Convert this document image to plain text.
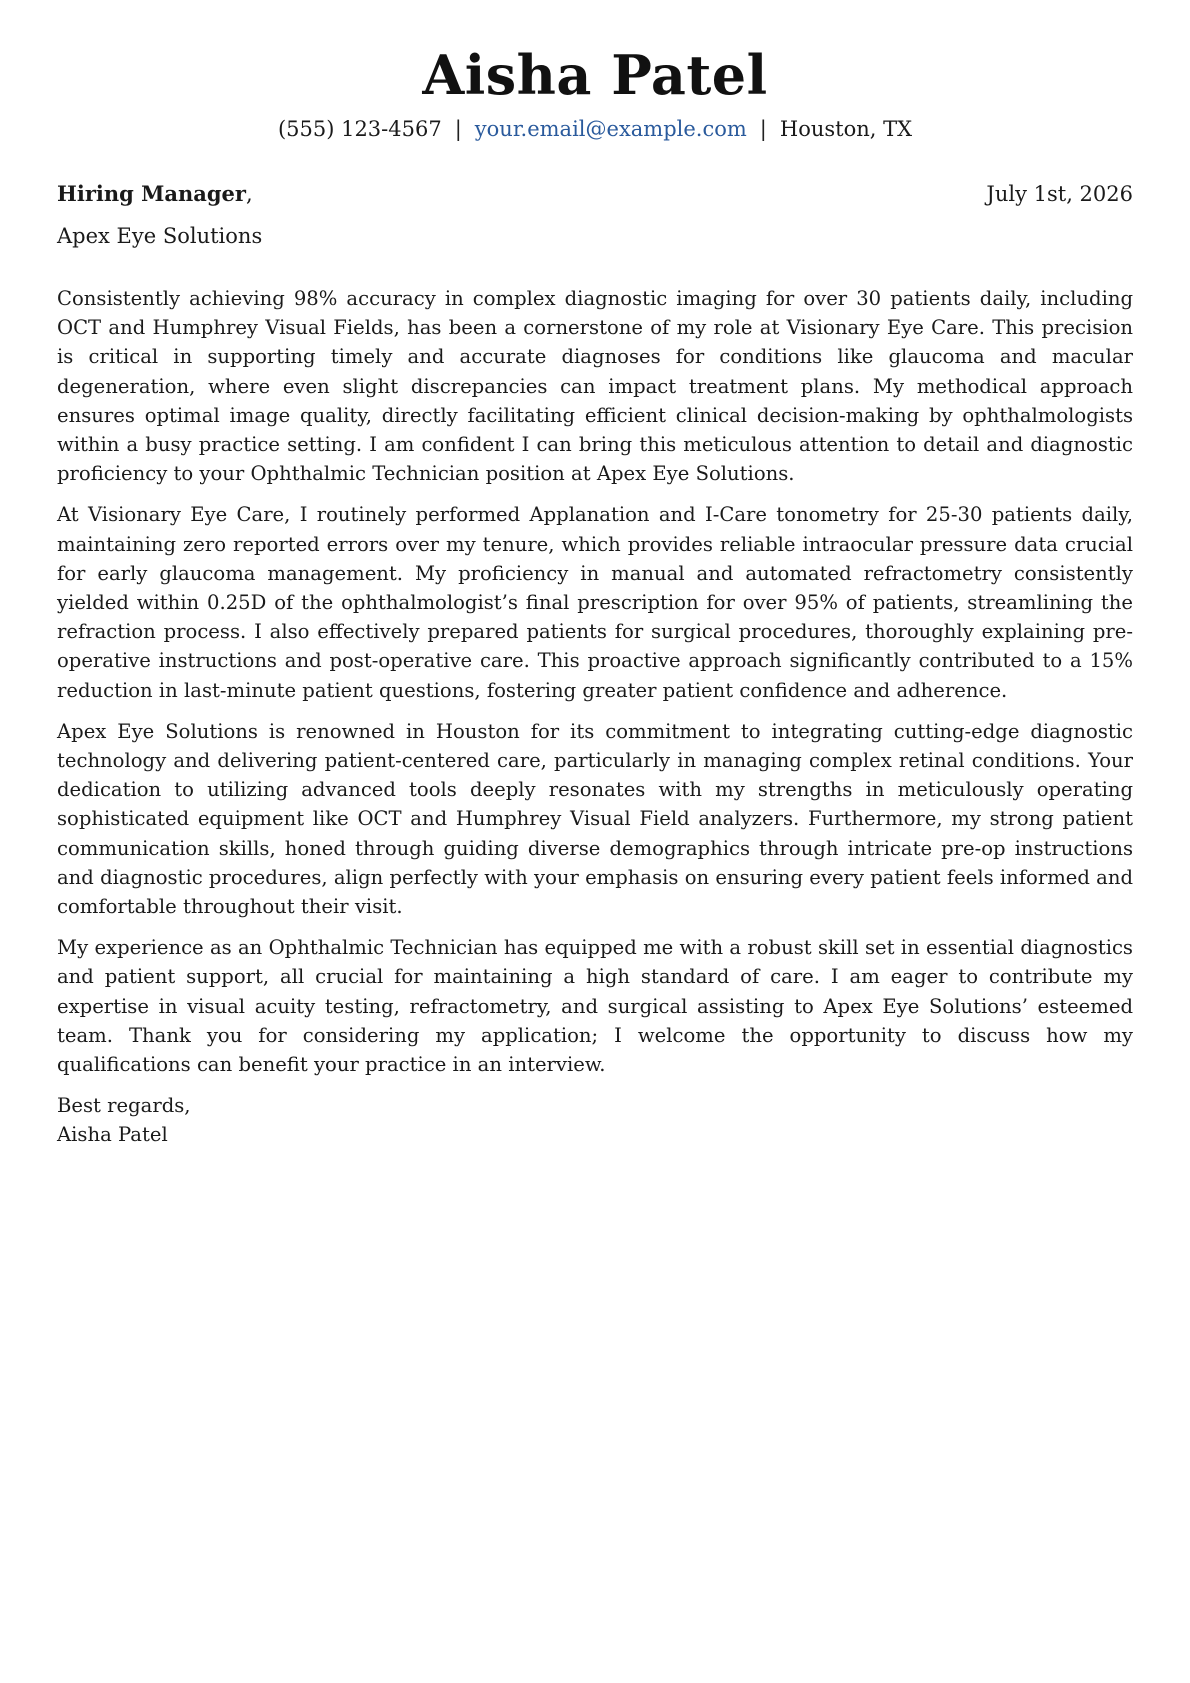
Aisha Patel
(555) 123-4567 | your.email@example.com | Houston, TX
Hiring Manager,	July 1st, 2026
Apex Eye Solutions

Consistently achieving 98% accuracy in complex diagnostic imaging for over 30 patients daily, including OCT and Humphrey Visual Fields, has been a cornerstone of my role at Visionary Eye Care. This precision is critical in supporting timely and accurate diagnoses for conditions like glaucoma and macular degeneration, where even slight discrepancies can impact treatment plans. My methodical approach ensures optimal image quality, directly facilitating efficient clinical decision-making by ophthalmologists within a busy practice setting. I am confident I can bring this meticulous attention to detail and diagnostic proficiency to your Ophthalmic Technician position at Apex Eye Solutions.

At Visionary Eye Care, I routinely performed Applanation and I-Care tonometry for 25-30 patients daily, maintaining zero reported errors over my tenure, which provides reliable intraocular pressure data crucial for early glaucoma management. My proficiency in manual and automated refractometry consistently yielded within 0.25D of the ophthalmologist’s final prescription for over 95% of patients, streamlining the refraction process. I also effectively prepared patients for surgical procedures, thoroughly explaining pre-operative instructions and post-operative care. This proactive approach significantly contributed to a 15% reduction in last-minute patient questions, fostering greater patient confidence and adherence.

Apex Eye Solutions is renowned in Houston for its commitment to integrating cutting-edge diagnostic technology and delivering patient-centered care, particularly in managing complex retinal conditions. Your dedication to utilizing advanced tools deeply resonates with my strengths in meticulously operating sophisticated equipment like OCT and Humphrey Visual Field analyzers. Furthermore, my strong patient communication skills, honed through guiding diverse demographics through intricate pre-op instructions and diagnostic procedures, align perfectly with your emphasis on ensuring every patient feels informed and comfortable throughout their visit.

My experience as an Ophthalmic Technician has equipped me with a robust skill set in essential diagnostics and patient support, all crucial for maintaining a high standard of care. I am eager to contribute my expertise in visual acuity testing, refractometry, and surgical assisting to Apex Eye Solutions’ esteemed team. Thank you for considering my application; I welcome the opportunity to discuss how my qualifications can benefit your practice in an interview.

Best regards,
Aisha Patel
